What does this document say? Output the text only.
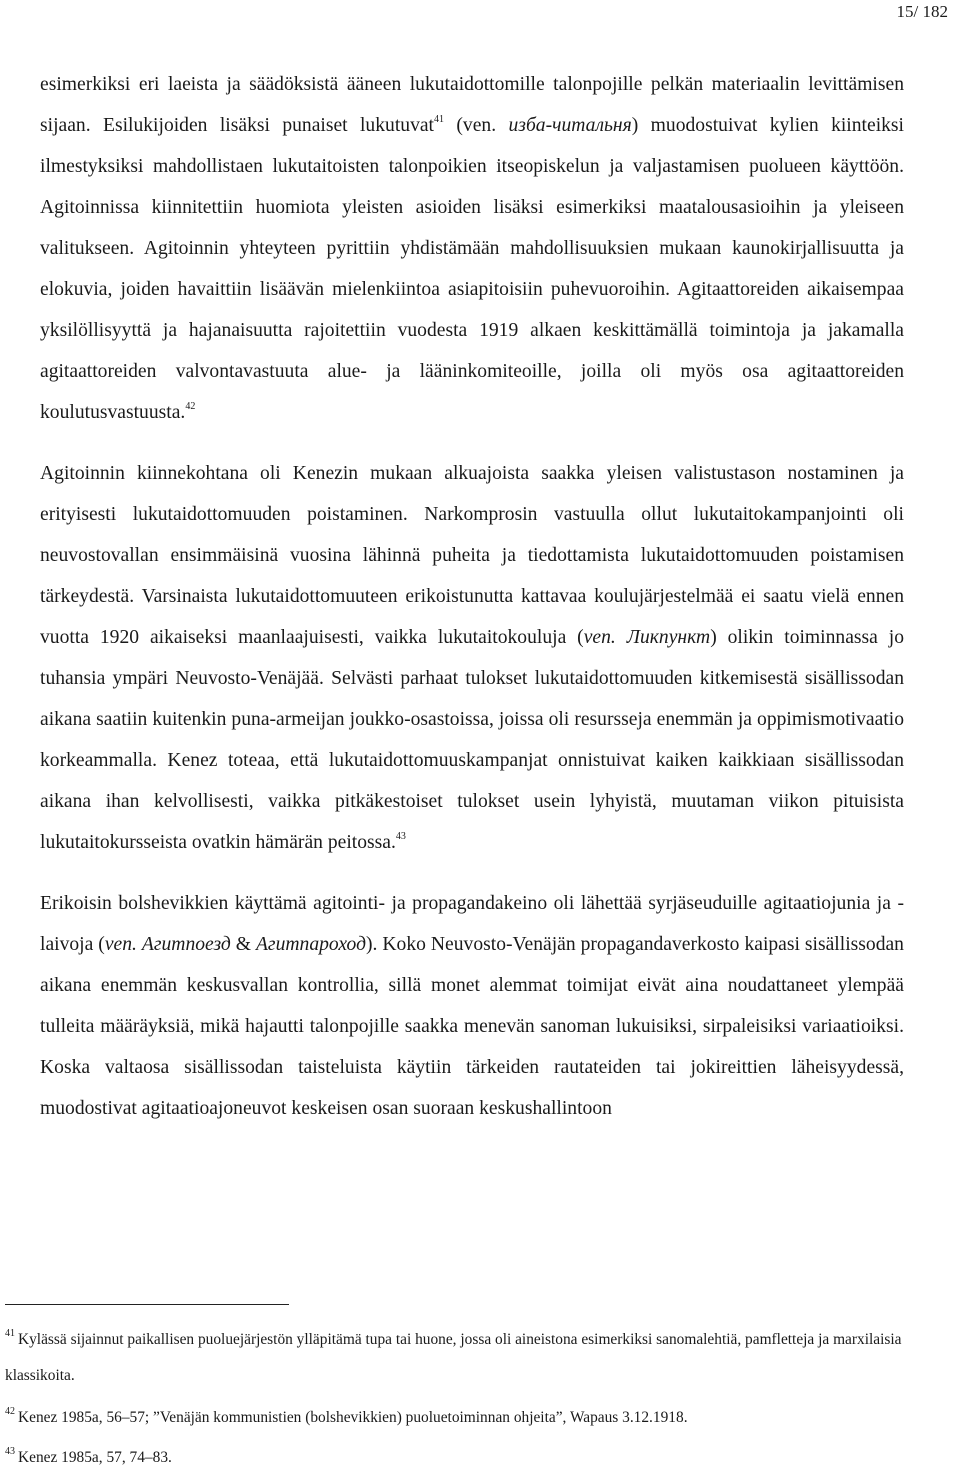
15/ 182

esimerkiksi eri laeista ja säädöksistä ääneen lukutaidottomille talonpojille pelkän materiaalin levittämisen sijaan. Esilukijoiden lisäksi punaiset lukutuvat$^{41}$ (ven. изба-читальня) muodostuivat kylien kiinteiksi ilmestyksiksi mahdollistaen lukutaitoisten talonpoikien itseopiskelun ja valjastamisen puolueen käyttöön. Agitoinnissa kiinnitettiin huomiota yleisten asioiden lisäksi esimerkiksi maatalousasioihin ja yleiseen valitukseen. Agitoinnin yhteyteen pyrittiin yhdistämään mahdollisuuksien mukaan kaunokirjallisuutta ja elokuvia, joiden havaittiin lisäävän mielenkiintoa asiapitoisiin puhevuoroihin. Agitaattoreiden aikaisempaa yksilöllisyyttä ja hajanaisuutta rajoitettiin vuodesta 1919 alkaen keskittämällä toimintoja ja jakamalla agitaattoreiden valvontavastuuta alue- ja lääninkomiteoille, joilla oli myös osa agitaattoreiden koulutusvastuusta.$^{42}$

Agitoinnin kiinnekohtana oli Kenezin mukaan alkuajoista saakka yleisen valistustason nostaminen ja erityisesti lukutaidottomuuden poistaminen. Narkomprosin vastuulla ollut lukutaitokampanjointi oli neuvostovallan ensimmäisinä vuosina lähinnä puheita ja tiedottamista lukutaidottomuuden poistamisen tärkeydestä. Varsinaista lukutaidottomuuteen erikoistunutta kattavaa koulujärjestelmää ei saatu vielä ennen vuotta 1920 aikaiseksi maanlaajuisesti, vaikka lukutaitokouluja (ven. Ликпункт) olikin toiminnassa jo tuhansia ympäri Neuvosto-Venäjää. Selvästi parhaat tulokset lukutaidottomuuden kitkemisestä sisällissodan aikana saatiin kuitenkin puna-armeijan joukko-osastoissa, joissa oli resursseja enemmän ja oppimismotivaatio korkeammalla. Kenez toteaa, että lukutaidottomuuskampanjat onnistuivat kaiken kaikkiaan sisällissodan aikana ihan kelvollisesti, vaikka pitkäkestoiset tulokset usein lyhyistä, muutaman viikon pituisista lukutaitokursseista ovatkin hämärän peitossa.$^{43}$

Erikoisin bolshevikkien käyttämä agitointi- ja propagandakeino oli lähettää syrjäseuduille agitaatiojunia ja -laivoja (ven. Агитпоезд & Агитпароход). Koko Neuvosto-Venäjän propagandaverkosto kaipasi sisällissodan aikana enemmän keskusvallan kontrollia, sillä monet alemmat toimijat eivät aina noudattaneet ylempää tulleita määräyksiä, mikä hajautti talonpojille saakka menevän sanoman lukuisiksi, sirpaleisiksi variaatioiksi. Koska valtaosa sisällissodan taisteluista käytiin tärkeiden rautateiden tai jokireittien läheisyydessä, muodostivat agitaatioajoneuvot keskeisen osan suoraan keskushallintoon

$^{41}$ Kylässä sijainnut paikallisen puoluejärjestön ylläpitämä tupa tai huone, jossa oli aineistona esimerkiksi sanomalehtiä, pamfletteja ja marxilaisia klassikoita.

$^{42}$ Kenez 1985a, 56–57; ”Venäjän kommunistien (bolshevikkien) puoluetoiminnan ohjeita”, Wapaus 3.12.1918.

$^{43}$ Kenez 1985a, 57, 74–83.
